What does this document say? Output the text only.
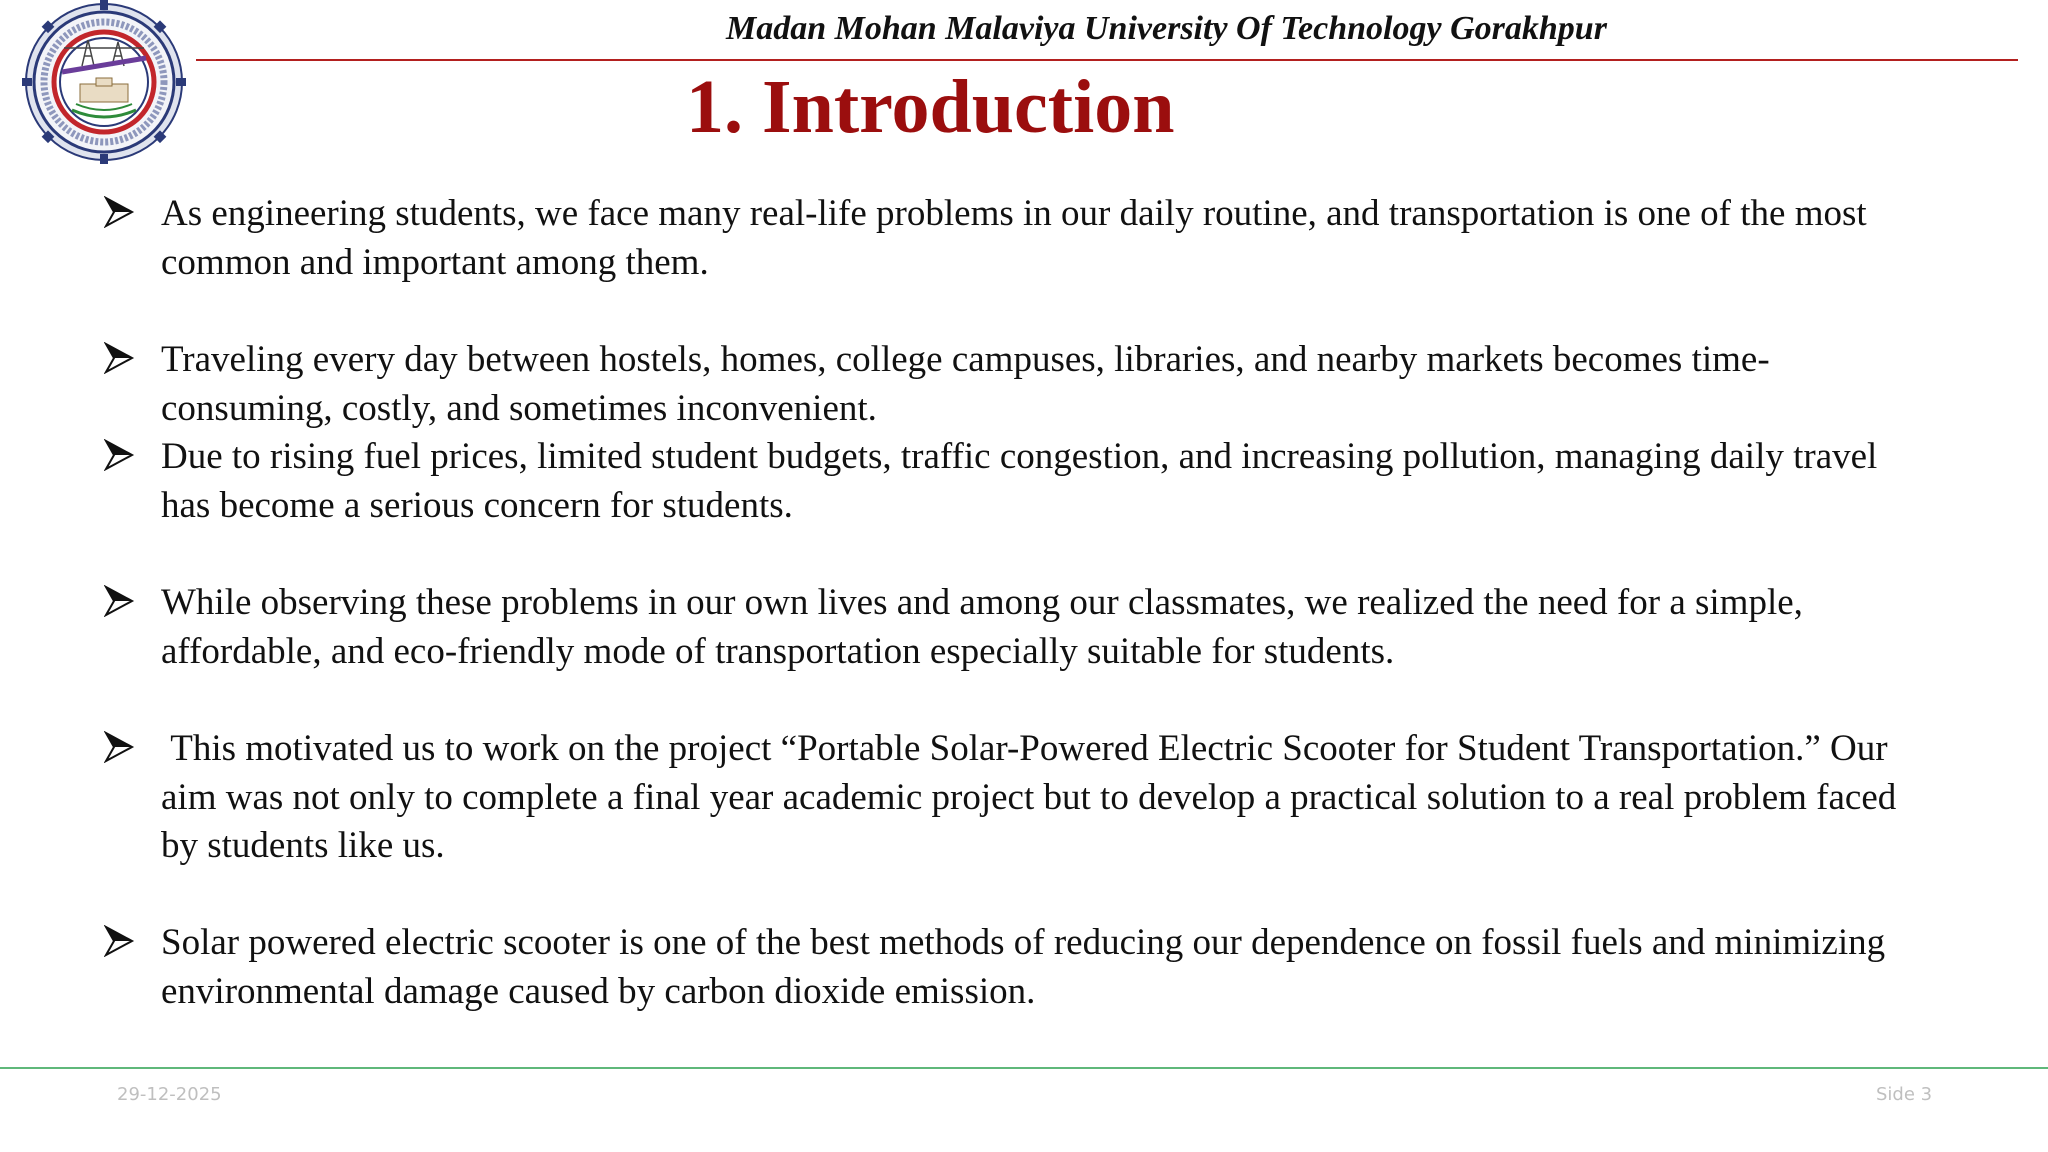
Madan Mohan Malaviya University Of Technology Gorakhpur
1. Introduction
As engineering students, we face many real-life problems in our daily routine, and transportation is one of the most common and important among them.
Traveling every day between hostels, homes, college campuses, libraries, and nearby markets becomes time-consuming, costly, and sometimes inconvenient.
Due to rising fuel prices, limited student budgets, traffic congestion, and increasing pollution, managing daily travel has become a serious concern for students.
While observing these problems in our own lives and among our classmates, we realized the need for a simple, affordable, and eco-friendly mode of transportation especially suitable for students.
This motivated us to work on the project “Portable Solar-Powered Electric Scooter for Student Transportation.” Our aim was not only to complete a final year academic project but to develop a practical solution to a real problem faced by students like us.
Solar powered electric scooter is one of the best methods of reducing our dependence on fossil fuels and minimizing environmental damage caused by carbon dioxide emission.
29-12-2025	Side 3
